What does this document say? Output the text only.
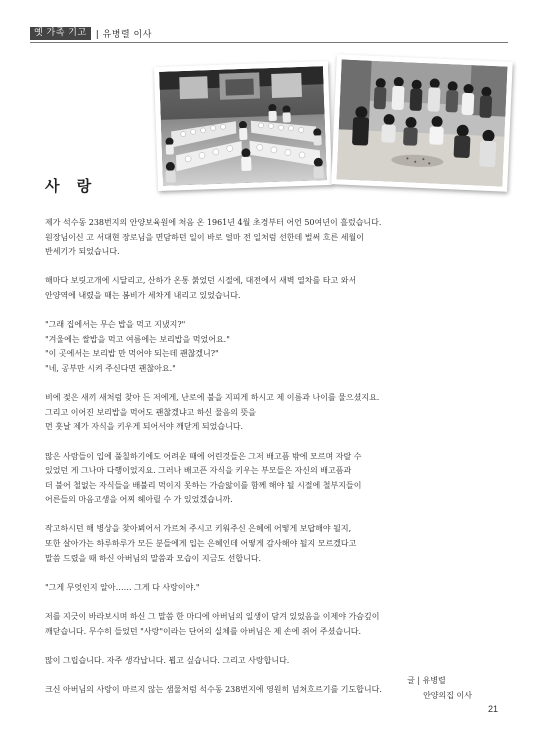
옛 가족 기고	| 유병렬 이사
사 랑
제가 석수동 238번지의 안양보육원에 처음 온 1961년 4월 초경부터 어언 50여년이 흘렀습니다.
원장님이신 고 서대현 장로님을 면담하던 일이 바로 얼마 전 일처럼 선한데 벌써 흐른 세월이
반세기가 되었습니다.
해마다 보릿고개에 시달리고, 산하가 온통 붉었던 시절에, 대전에서 새벽 열차를 타고 와서
안양역에 내렸을 때는 봄비가 세차게 내리고 있었습니다.
"그래 집에서는 무슨 밥을 먹고 지냈지?"
"겨울에는 쌀밥을 먹고 여름에는 보리밥을 먹었어요."
"이 곳에서는 보리밥 만 먹어야 되는데 괜찮겠니?"
"네, 공부만 시켜 주신다면 괜찮아요."
비에 젖은 새끼 새처럼 찾아 든 저에게, 난로에 불을 지피게 하시고 제 이름과 나이를 물으셨지요.
그리고 이어진 보리밥을 먹어도 괜찮겠냐고 하신 물음의 뜻을
먼 훗날 제가 자식을 키우게 되어서야 깨닫게 되었습니다.
많은 사람들이 입에 풀칠하기에도 어려운 때에 어린것들은 그저 배고픔 밖에 모르며 자랄 수
있었던 게 그나마 다행이었지요. 그러나 배고픈 자식을 키우는 부모들은 자신의 배고픔과
더 불어 철없는 자식들을 배불리 먹이지 못하는 가슴앓이를 함께 해야 될 시절에 철부지들이
어른들의 마음고생을 어찌 헤아릴 수 가 있었겠습니까.
작고하시던 해 병상을 찾아뵈어서 가르쳐 주시고 키워주신 은혜에 어떻게 보답해야 될지,
또한 살아가는 하루하루가 모든 분들에게 입는 은혜인데 어떻게 감사해야 될지 모르겠다고
말씀 드렸을 때 하신 아버님의 말씀과 모습이 지금도 선합니다.
"그게 무엇인지 알아…… 그게 다 사랑이야."
저를 지긋이 바라보시며 하신 그 말씀 한 마디에 아버님의 일생이 담겨 있었음을 이제야 가슴깊이
깨닫습니다. 무수히 들었던 "사랑"이라는 단어의 실체를 아버님은 제 손에 쥐어 주셨습니다.
많이 그립습니다. 자주 생각납니다. 뵙고 싶습니다. 그리고 사랑합니다.
크신 아버님의 사랑이 마르지 않는 샘물처럼 석수동 238번지에 영원히 넘쳐흐르기를 기도합니다.
글 | 유병렬
안양의집 이사
21
